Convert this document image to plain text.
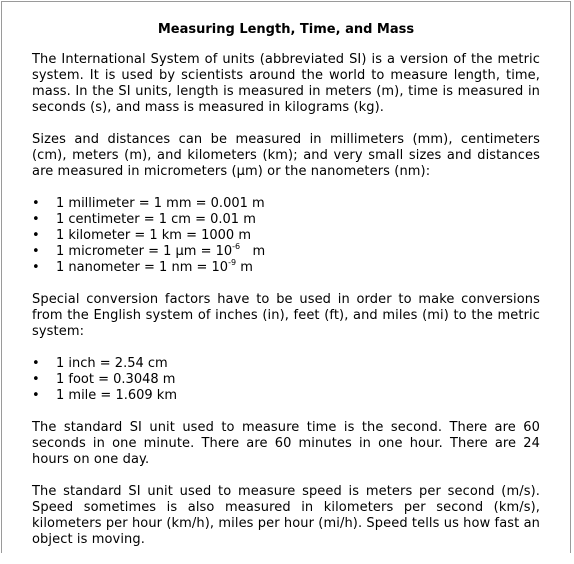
Measuring Length, Time, and Mass

The International System of units (abbreviated SI) is a version of the metric system. It is used by scientists around the world to measure length, time, mass. In the SI units, length is measured in meters (m), time is measured in seconds (s), and mass is measured in kilograms (kg).

Sizes and distances can be measured in millimeters (mm), centimeters (cm), meters (m), and kilometers (km); and very small sizes and distances are measured in micrometers (µm) or the nanometers (nm):

• 1 millimeter = 1 mm = 0.001 m
• 1 centimeter = 1 cm = 0.01 m
• 1 kilometer = 1 km = 1000 m
• 1 micrometer = 1 $\mu m = 10^{-6}$ m
• 1 nanometer = 1 nm = $10^{-9}$ m

Special conversion factors have to be used in order to make conversions from the English system of inches (in), feet (ft), and miles (mi) to the metric system:

• 1 inch = 2.54 cm
• 1 foot = 0.3048 m
• 1 mile = 1.609 km

The standard SI unit used to measure time is the second. There are 60 seconds in one minute. There are 60 minutes in one hour. There are 24 hours on one day.

The standard SI unit used to measure speed is meters per second (m/s). Speed sometimes is also measured in kilometers per second (km/s), kilometers per hour (km/h), miles per hour (mi/h). Speed tells us how fast an object is moving.
